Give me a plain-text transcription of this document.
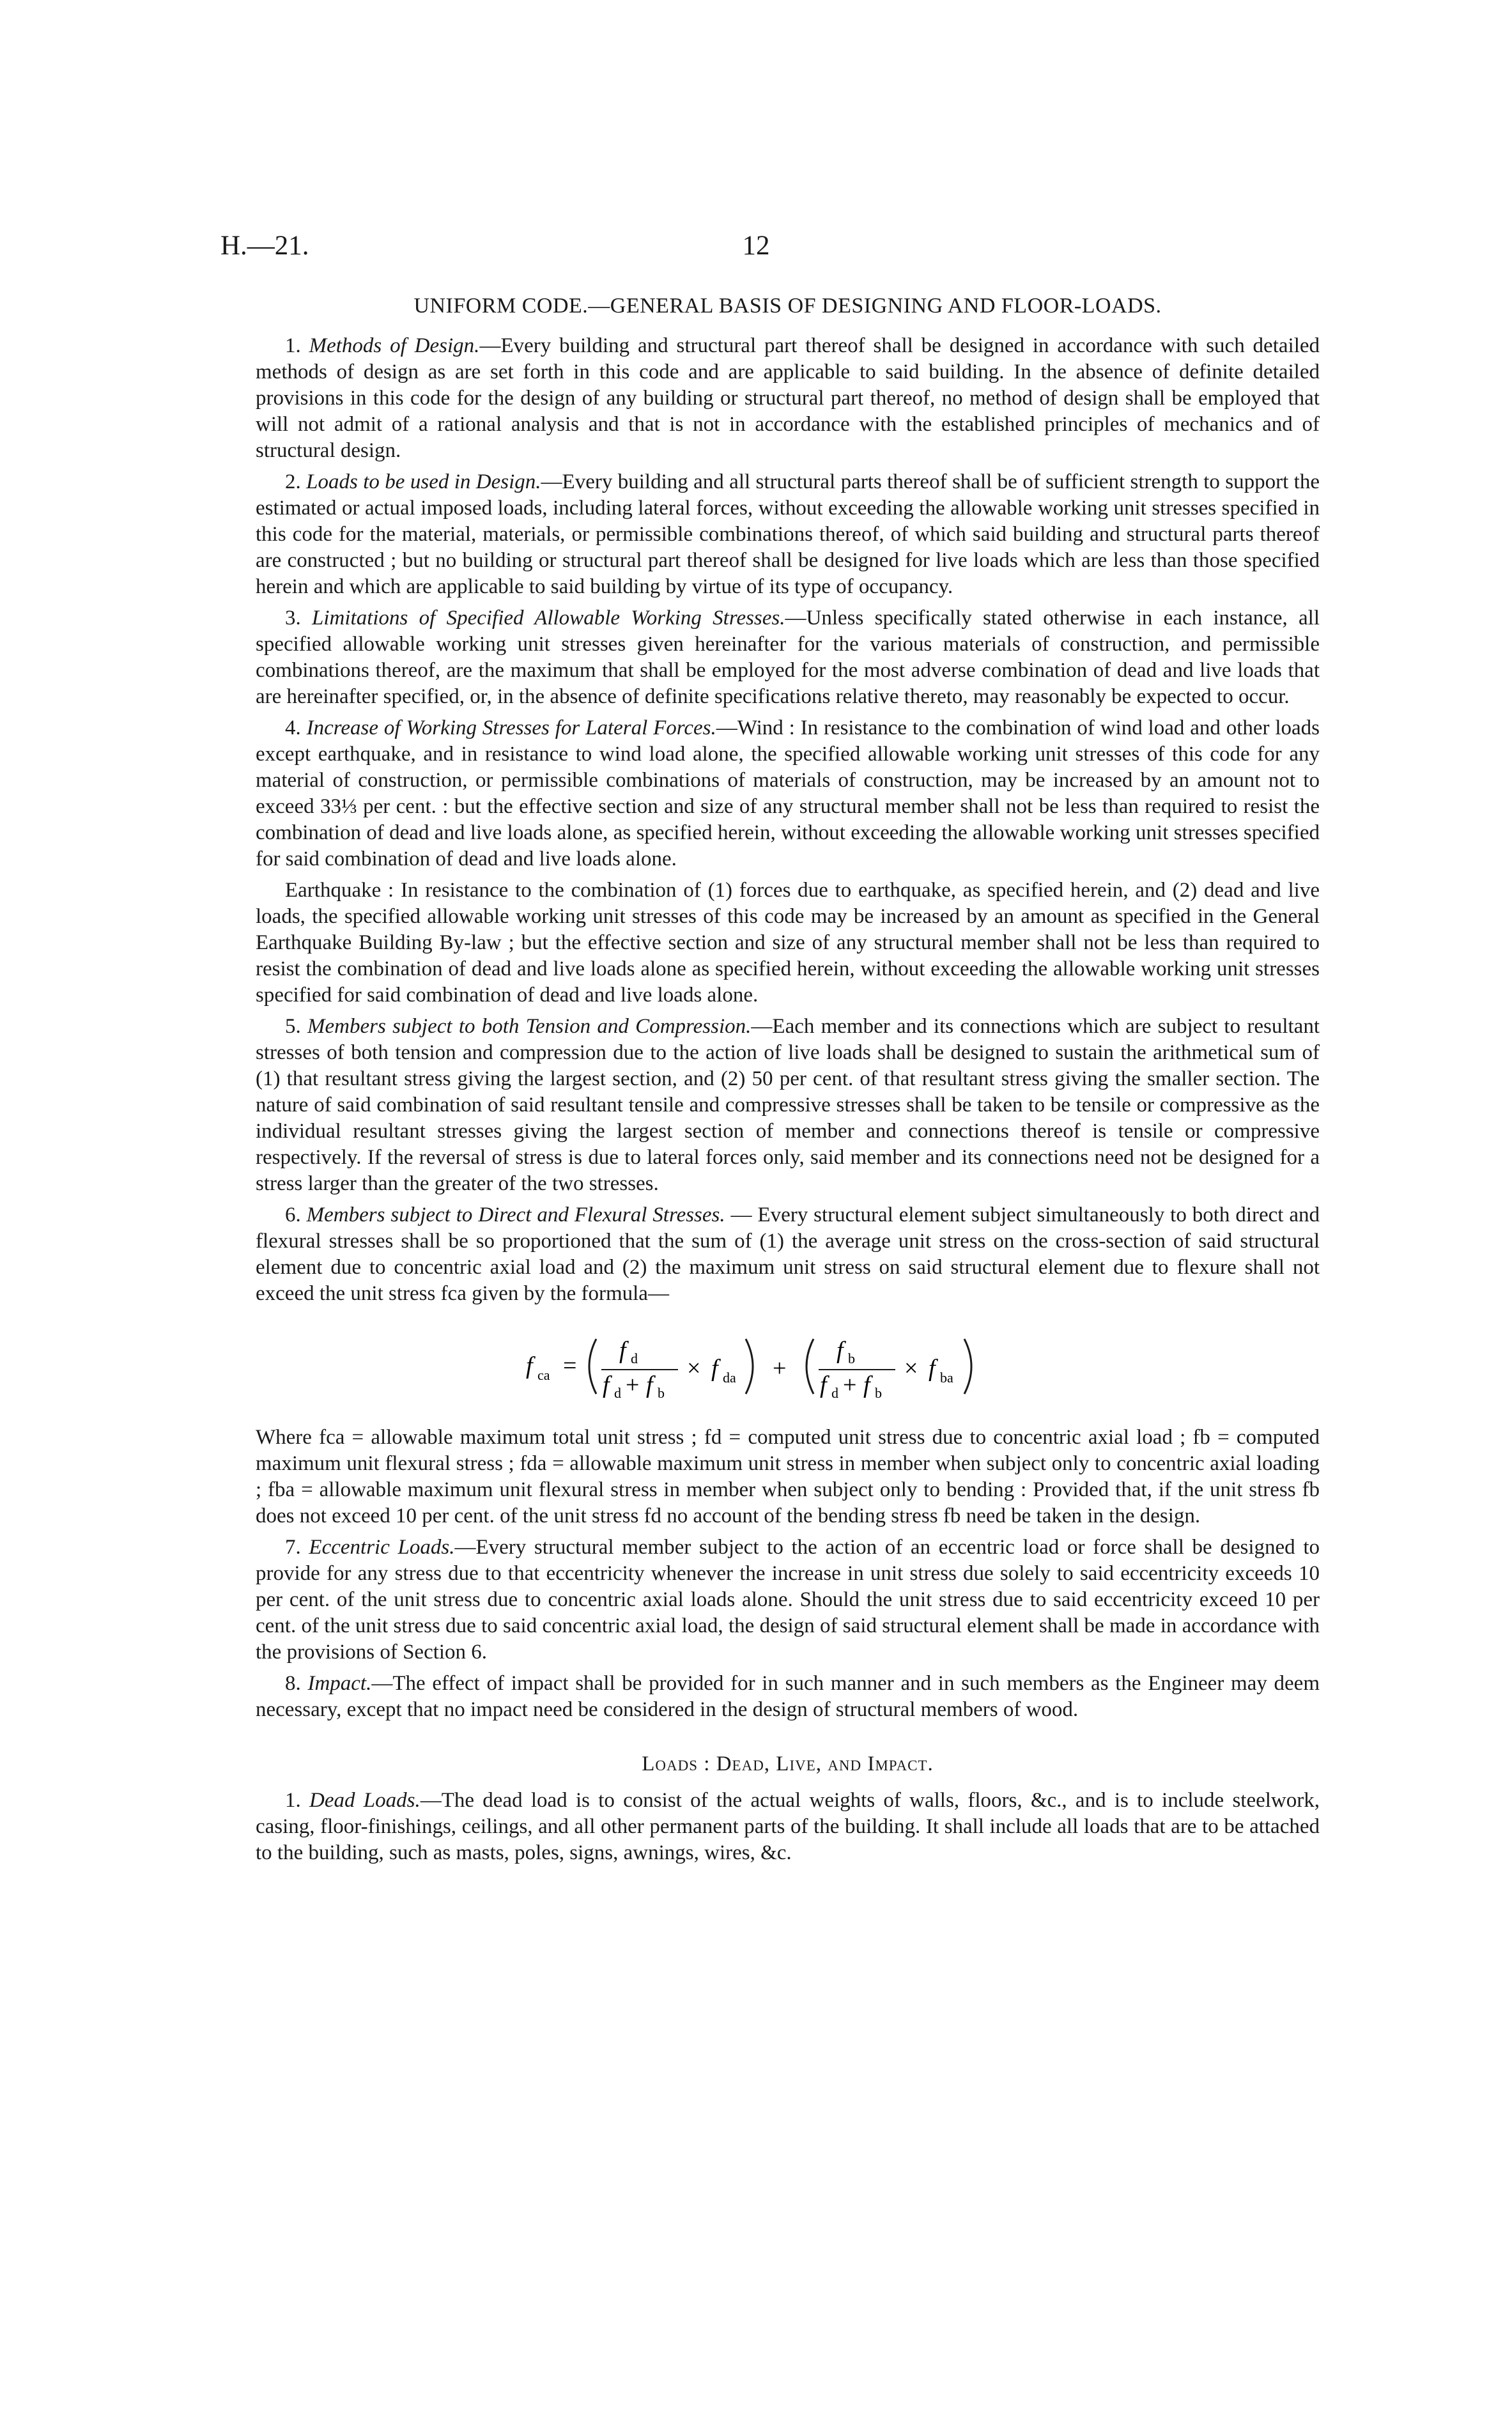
H.—21.	12
UNIFORM CODE.—GENERAL BASIS OF DESIGNING AND FLOOR-LOADS.

1. Methods of Design.—Every building and structural part thereof shall be designed in accordance with such detailed methods of design as are set forth in this code and are applicable to said building. In the absence of definite detailed provisions in this code for the design of any building or structural part thereof, no method of design shall be employed that will not admit of a rational analysis and that is not in accordance with the established principles of mechanics and of structural design.

2. Loads to be used in Design.—Every building and all structural parts thereof shall be of sufficient strength to support the estimated or actual imposed loads, including lateral forces, without exceeding the allowable working unit stresses specified in this code for the material, materials, or permissible combinations thereof, of which said building and structural parts thereof are constructed ; but no building or structural part thereof shall be designed for live loads which are less than those specified herein and which are applicable to said building by virtue of its type of occupancy.

3. Limitations of Specified Allowable Working Stresses.—Unless specifically stated otherwise in each instance, all specified allowable working unit stresses given hereinafter for the various materials of construction, and permissible combinations thereof, are the maximum that shall be employed for the most adverse combination of dead and live loads that are hereinafter specified, or, in the absence of definite specifications relative thereto, may reasonably be expected to occur.

4. Increase of Working Stresses for Lateral Forces.—Wind : In resistance to the combination of wind load and other loads except earthquake, and in resistance to wind load alone, the specified allowable working unit stresses of this code for any material of construction, or permissible combinations of materials of construction, may be increased by an amount not to exceed 33⅓ per cent. : but the effective section and size of any structural member shall not be less than required to resist the combination of dead and live loads alone, as specified herein, without exceeding the allowable working unit stresses specified for said combination of dead and live loads alone.

Earthquake : In resistance to the combination of (1) forces due to earthquake, as specified herein, and (2) dead and live loads, the specified allowable working unit stresses of this code may be increased by an amount as specified in the General Earthquake Building By-law ; but the effective section and size of any structural member shall not be less than required to resist the combination of dead and live loads alone as specified herein, without exceeding the allowable working unit stresses specified for said combination of dead and live loads alone.

5. Members subject to both Tension and Compression.—Each member and its connections which are subject to resultant stresses of both tension and compression due to the action of live loads shall be designed to sustain the arithmetical sum of (1) that resultant stress giving the largest section, and (2) 50 per cent. of that resultant stress giving the smaller section. The nature of said combination of said resultant tensile and compressive stresses shall be taken to be tensile or compressive as the individual resultant stresses giving the largest section of member and connections thereof is tensile or compressive respectively. If the reversal of stress is due to lateral forces only, said member and its connections need not be designed for a stress larger than the greater of the two stresses.

6. Members subject to Direct and Flexural Stresses. — Every structural element subject simultaneously to both direct and flexural stresses shall be so proportioned that the sum of (1) the average unit stress on the cross-section of said structural element due to concentric axial load and (2) the maximum unit stress on said structural element due to flexure shall not exceed the unit stress fca given by the formula—

f ca =
f d
f d + f b
× f da +
f b
f d + f b
× f ba

Where fca = allowable maximum total unit stress ; fd = computed unit stress due to concentric axial load ; fb = computed maximum unit flexural stress ; fda = allowable maximum unit stress in member when subject only to concentric axial loading ; fba = allowable maximum unit flexural stress in member when subject only to bending : Provided that, if the unit stress fb does not exceed 10 per cent. of the unit stress fd no account of the bending stress fb need be taken in the design.

7. Eccentric Loads.—Every structural member subject to the action of an eccentric load or force shall be designed to provide for any stress due to that eccentricity whenever the increase in unit stress due solely to said eccentricity exceeds 10 per cent. of the unit stress due to concentric axial loads alone. Should the unit stress due to said eccentricity exceed 10 per cent. of the unit stress due to said concentric axial load, the design of said structural element shall be made in accordance with the provisions of Section 6.

8. Impact.—The effect of impact shall be provided for in such manner and in such members as the Engineer may deem necessary, except that no impact need be considered in the design of structural members of wood.

Loads : Dead, Live, and Impact.

1. Dead Loads.—The dead load is to consist of the actual weights of walls, floors, &c., and is to include steelwork, casing, floor-finishings, ceilings, and all other permanent parts of the building. It shall include all loads that are to be attached to the building, such as masts, poles, signs, awnings, wires, &c.
